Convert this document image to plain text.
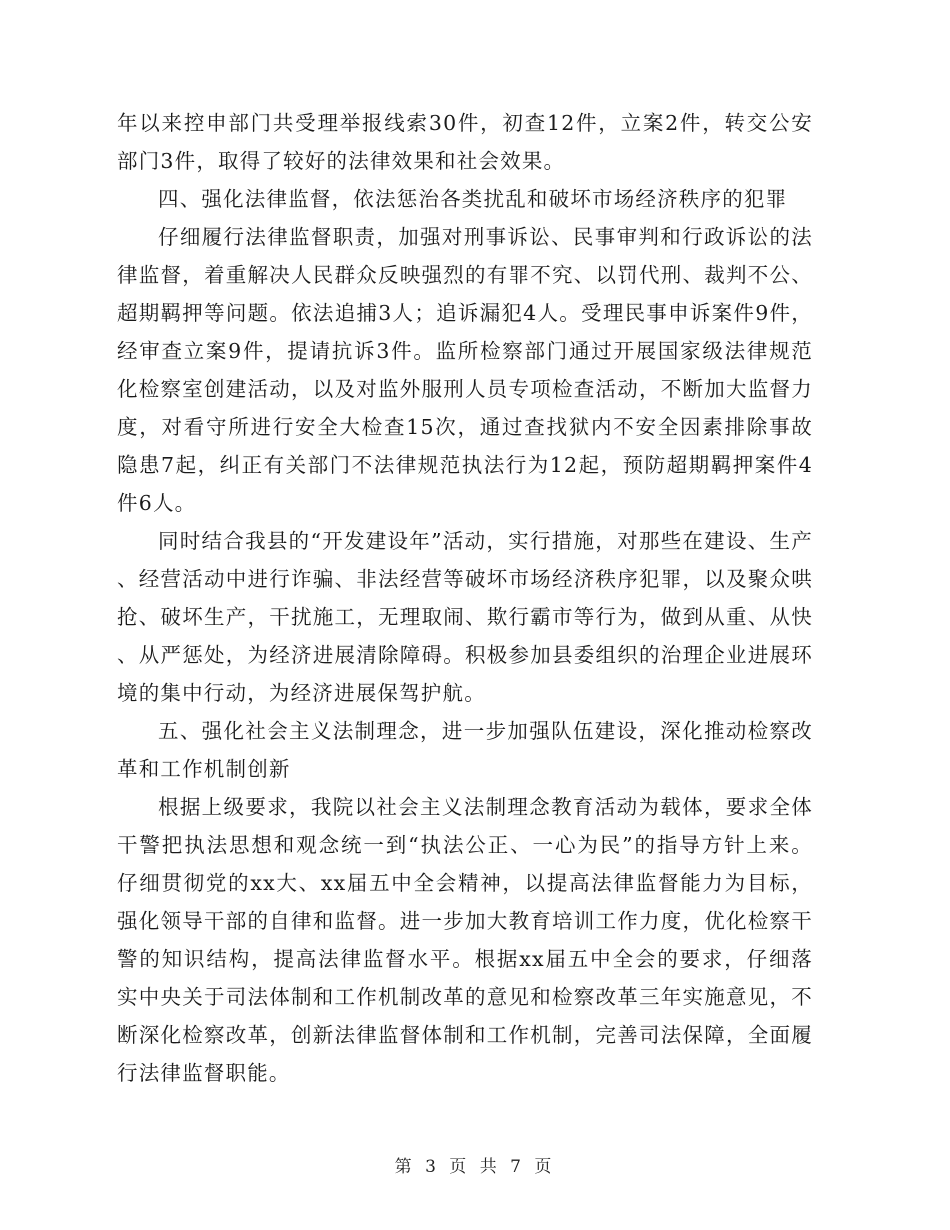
年以来控申部门共受理举报线索30件，初查12件，立案2件，转交公安部门3件，取得了较好的法律效果和社会效果。

四、强化法律监督，依法惩治各类扰乱和破坏市场经济秩序的犯罪

仔细履行法律监督职责，加强对刑事诉讼、民事审判和行政诉讼的法律监督，着重解决人民群众反映强烈的有罪不究、以罚代刑、裁判不公、超期羁押等问题。依法追捕3人；追诉漏犯4人。受理民事申诉案件9件，经审查立案9件，提请抗诉3件。监所检察部门通过开展国家级法律规范化检察室创建活动，以及对监外服刑人员专项检查活动，不断加大监督力度，对看守所进行安全大检查15次，通过查找狱内不安全因素排除事故隐患7起，纠正有关部门不法律规范执法行为12起，预防超期羁押案件4件6人。

同时结合我县的“开发建设年”活动，实行措施，对那些在建设、生产、经营活动中进行诈骗、非法经营等破坏市场经济秩序犯罪，以及聚众哄抢、破坏生产，干扰施工，无理取闹、欺行霸市等行为，做到从重、从快、从严惩处，为经济进展清除障碍。积极参加县委组织的治理企业进展环境的集中行动，为经济进展保驾护航。

五、强化社会主义法制理念，进一步加强队伍建设，深化推动检察改革和工作机制创新

根据上级要求，我院以社会主义法制理念教育活动为载体，要求全体干警把执法思想和观念统一到“执法公正、一心为民”的指导方针上来。仔细贯彻党的xx大、xx届五中全会精神，以提高法律监督能力为目标，强化领导干部的自律和监督。进一步加大教育培训工作力度，优化检察干警的知识结构，提高法律监督水平。根据xx届五中全会的要求，仔细落实中央关于司法体制和工作机制改革的意见和检察改革三年实施意见，不断深化检察改革，创新法律监督体制和工作机制，完善司法保障，全面履行法律监督职能。

第 3 页 共 7 页
